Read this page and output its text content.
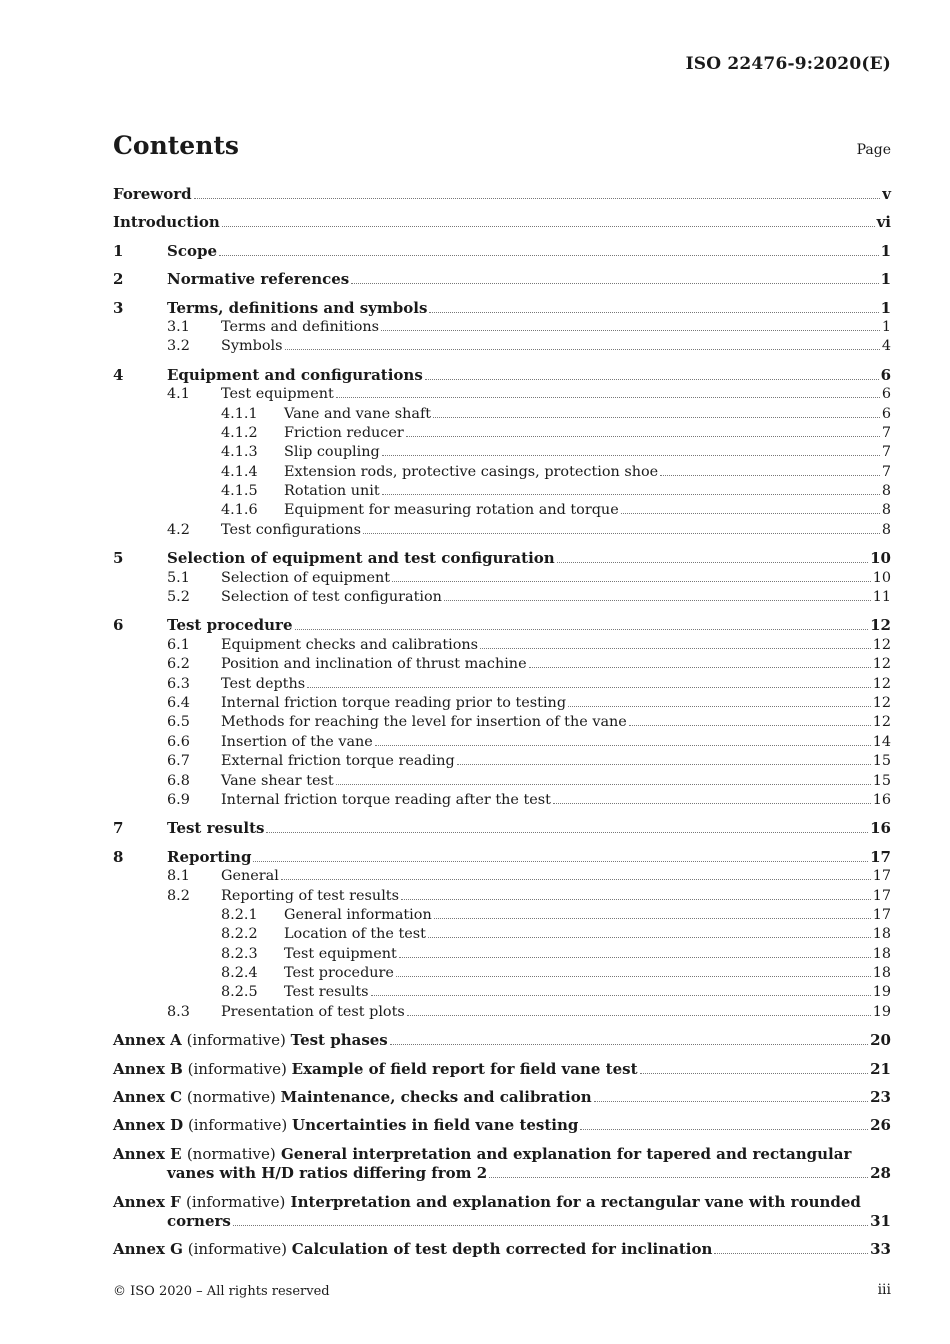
ISO 22476-9:2020(E)
Contents	Page
Foreword	v
Introduction	vi
1	Scope	1
2	Normative references	1
3	Terms, definitions and symbols	1
3.1	Terms and definitions	1
3.2	Symbols	4
4	Equipment and configurations	6
4.1	Test equipment	6
4.1.1	Vane and vane shaft	6
4.1.2	Friction reducer	7
4.1.3	Slip coupling	7
4.1.4	Extension rods, protective casings, protection shoe	7
4.1.5	Rotation unit	8
4.1.6	Equipment for measuring rotation and torque	8
4.2	Test configurations	8
5	Selection of equipment and test configuration	10
5.1	Selection of equipment	10
5.2	Selection of test configuration	11
6	Test procedure	12
6.1	Equipment checks and calibrations	12
6.2	Position and inclination of thrust machine	12
6.3	Test depths	12
6.4	Internal friction torque reading prior to testing	12
6.5	Methods for reaching the level for insertion of the vane	12
6.6	Insertion of the vane	14
6.7	External friction torque reading	15
6.8	Vane shear test	15
6.9	Internal friction torque reading after the test	16
7	Test results	16
8	Reporting	17
8.1	General	17
8.2	Reporting of test results	17
8.2.1	General information	17
8.2.2	Location of the test	18
8.2.3	Test equipment	18
8.2.4	Test procedure	18
8.2.5	Test results	19
8.3	Presentation of test plots	19
Annex A (informative) Test phases	20
Annex B (informative) Example of field report for field vane test	21
Annex C (normative) Maintenance, checks and calibration	23
Annex D (informative) Uncertainties in field vane testing	26
Annex E (normative) General interpretation and explanation for tapered and rectangular
vanes with H/D ratios differing from 2	28
Annex F (informative) Interpretation and explanation for a rectangular vane with rounded
corners	31
Annex G (informative) Calculation of test depth corrected for inclination	33
© ISO 2020 – All rights reserved	iii
